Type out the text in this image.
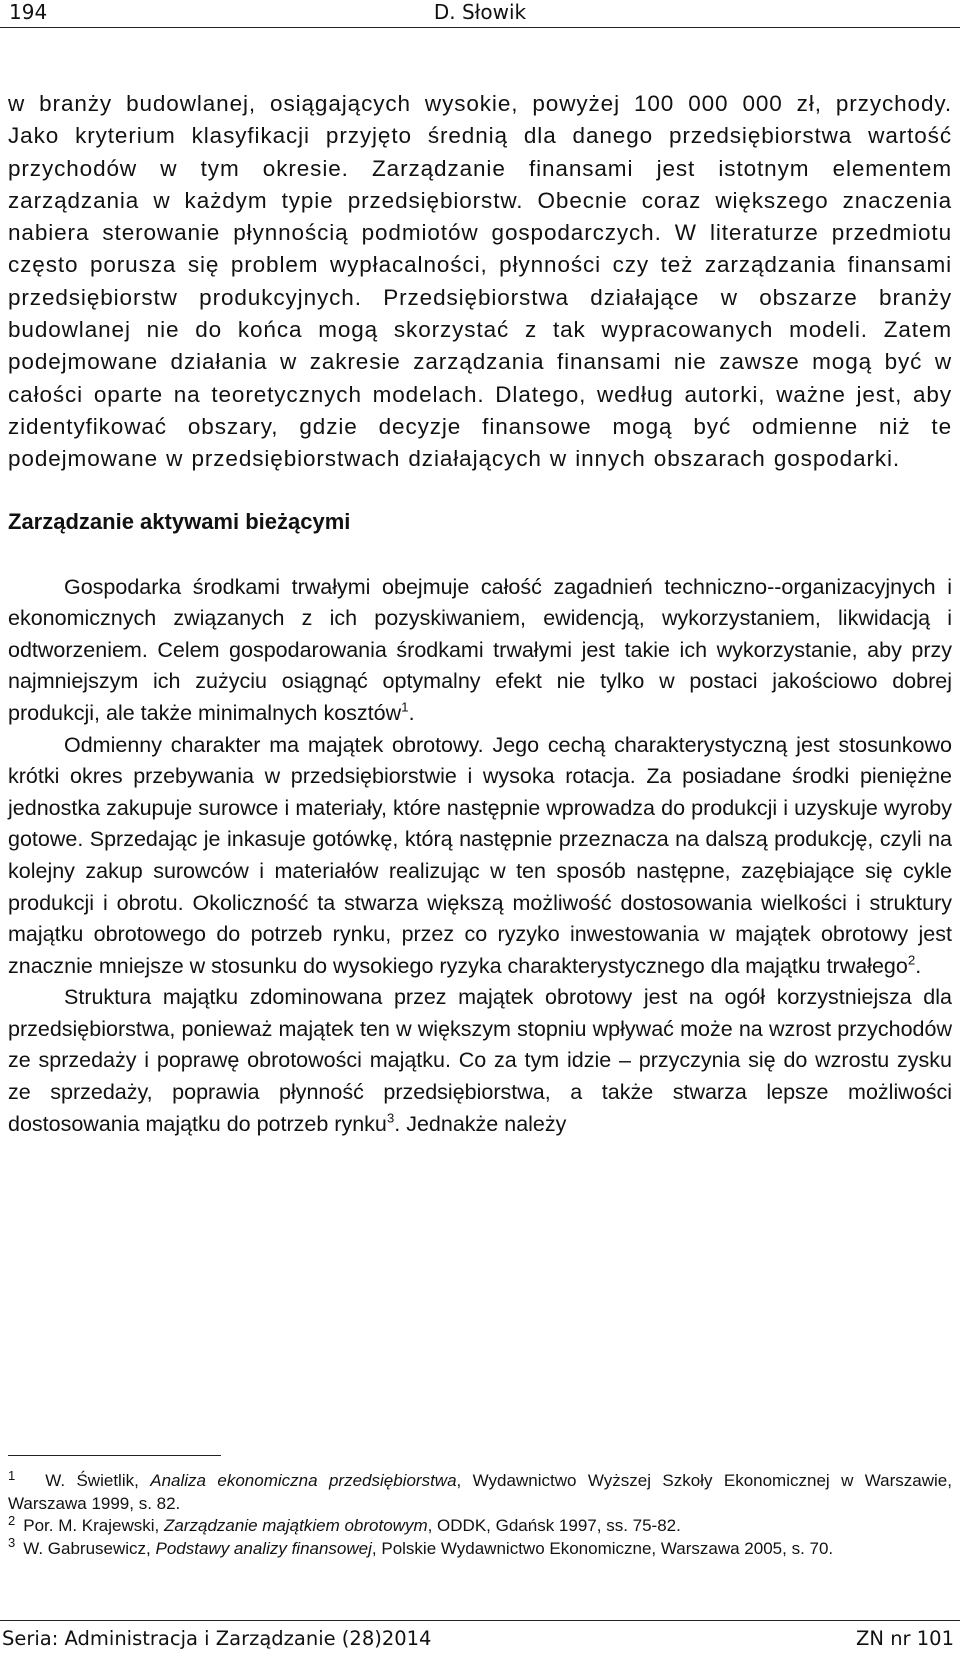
194	D. Słowik

w branży budowlanej, osiągających wysokie, powyżej 100 000 000 zł, przychody. Jako kryterium klasyfikacji przyjęto średnią dla danego przedsiębiorstwa wartość przychodów w tym okresie. Zarządzanie finansami jest istotnym elementem zarządzania w każdym typie przedsiębiorstw. Obecnie coraz większego znaczenia nabiera sterowanie płynnością podmiotów gospodarczych. W literaturze przedmiotu często porusza się problem wypłacalności, płynności czy też zarządzania finansami przedsiębiorstw produkcyjnych. Przedsiębiorstwa działające w obszarze branży budowlanej nie do końca mogą skorzystać z tak wypracowanych modeli. Zatem podejmowane działania w zakresie zarządzania finansami nie zawsze mogą być w całości oparte na teoretycznych modelach. Dlatego, według autorki, ważne jest, aby zidentyfikować obszary, gdzie decyzje finansowe mogą być odmienne niż te podejmowane w przedsiębiorstwach działających w innych obszarach gospodarki.

Zarządzanie aktywami bieżącymi

Gospodarka środkami trwałymi obejmuje całość zagadnień techniczno--organizacyjnych i ekonomicznych związanych z ich pozyskiwaniem, ewidencją, wykorzystaniem, likwidacją i odtworzeniem. Celem gospodarowania środkami trwałymi jest takie ich wykorzystanie, aby przy najmniejszym ich zużyciu osiągnąć optymalny efekt nie tylko w postaci jakościowo dobrej produkcji, ale także minimalnych kosztów$^1$.

Odmienny charakter ma majątek obrotowy. Jego cechą charakterystyczną jest stosunkowo krótki okres przebywania w przedsiębiorstwie i wysoka rotacja. Za posiadane środki pieniężne jednostka zakupuje surowce i materiały, które następnie wprowadza do produkcji i uzyskuje wyroby gotowe. Sprzedając je inkasuje gotówkę, którą następnie przeznacza na dalszą produkcję, czyli na kolejny zakup surowców i materiałów realizując w ten sposób następne, zazębiające się cykle produkcji i obrotu. Okoliczność ta stwarza większą możliwość dostosowania wielkości i struktury majątku obrotowego do potrzeb rynku, przez co ryzyko inwestowania w majątek obrotowy jest znacznie mniejsze w stosunku do wysokiego ryzyka charakterystycznego dla majątku trwałego$^2$.

Struktura majątku zdominowana przez majątek obrotowy jest na ogół korzystniejsza dla przedsiębiorstwa, ponieważ majątek ten w większym stopniu wpływać może na wzrost przychodów ze sprzedaży i poprawę obrotowości majątku. Co za tym idzie – przyczynia się do wzrostu zysku ze sprzedaży, poprawia płynność przedsiębiorstwa, a także stwarza lepsze możliwości dostosowania majątku do potrzeb rynku$^3$. Jednakże należy

1 W. Świetlik, Analiza ekonomiczna przedsiębiorstwa, Wydawnictwo Wyższej Szkoły Ekonomicznej w Warszawie, Warszawa 1999, s. 82.

2 Por. M. Krajewski, Zarządzanie majątkiem obrotowym, ODDK, Gdańsk 1997, ss. 75-82.

3 W. Gabrusewicz, Podstawy analizy finansowej, Polskie Wydawnictwo Ekonomiczne, Warszawa 2005, s. 70.

Seria: Administracja i Zarządzanie (28)2014	ZN nr 101
